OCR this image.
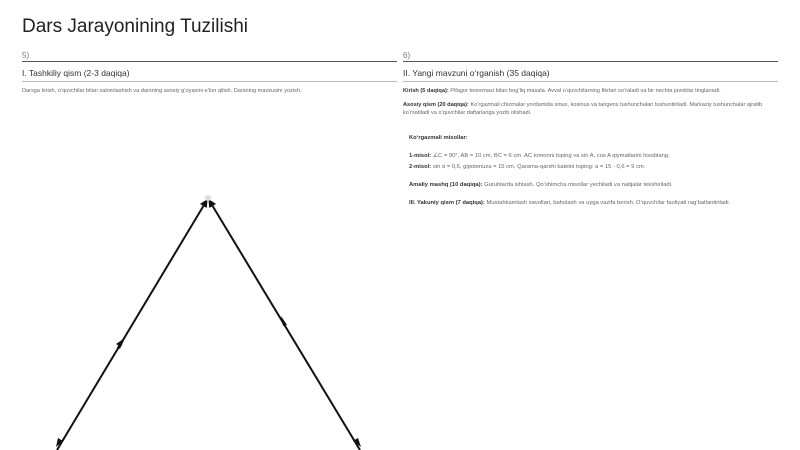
Dars Jarayonining Tuzilishi
5)
I. Tashkiliy qism (2-3 daqiqa)
Darsga kirish, o‘quvchilar bilan salomlashish va darsning asosiy g‘oyasini e’lon qilish. Darsning mavzusini yozish.
6)
II. Yangi mavzuni o‘rganish (35 daqiqa)
Kirish (5 daqiqa): Pifagor teoremasi bilan bog‘liq masala. Avval o‘quvchilarning fikrlari so‘raladi va bir nechta javoblar tinglanadi.
Asosiy qism (20 daqiqa): Ko‘rgazmali chizmalar yordamida sinus, kosinus va tangens tushunchalari tushuntiriladi. Markaziy tushunchalar ajratib ko‘rsatiladi va o‘quvchilar daftarlariga yozib olishadi.
Ko‘rgazmali misollar:
1-misol: ∠C = 90°, AB = 10 cm, BC = 6 cm. AC tomonni toping va sin A, cos A qiymatlarini hisoblang.
2-misol: sin α = 0,6, gipotenuza = 15 cm. Qarama-qarshi katetni toping: a = 15 · 0,6 = 9 cm.
Amaliy mashq (10 daqiqa): Guruhlarda ishlash. Qo‘shimcha misollar yechiladi va natijalar tekshiriladi.
III. Yakuniy qism (7 daqiqa): Mustahkamlash savollari, baholash va uyga vazifa berish. O‘quvchilar faoliyati rag‘batlantiriladi.
